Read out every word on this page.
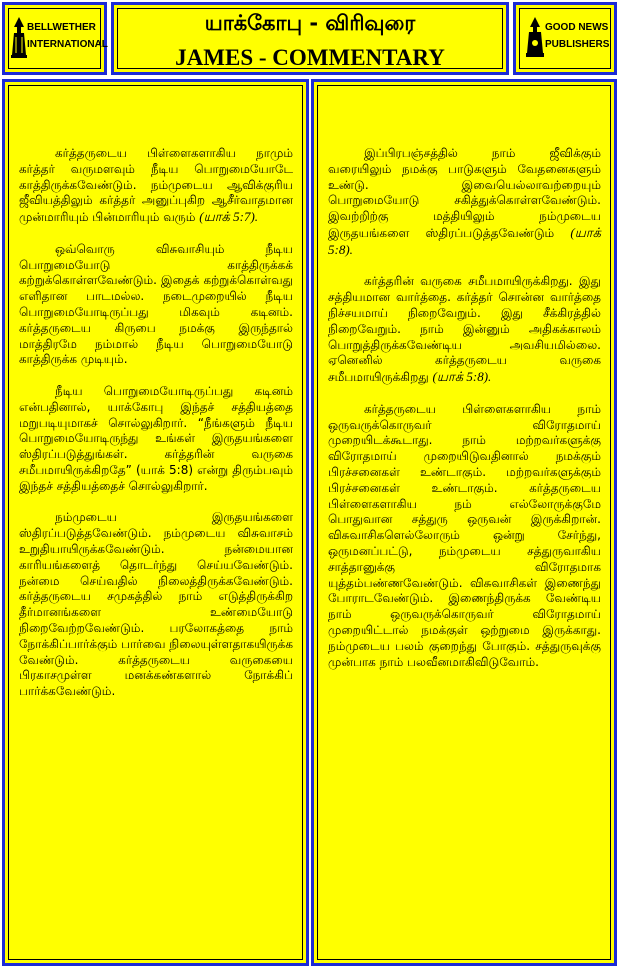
BELLWETHER INTERNATIONAL
யாக்கோபு - விரிவுரை
JAMES - COMMENTARY
GOOD NEWS PUBLISHERS

கர்த்தருடைய பிள்ளைகளாகிய நாமும் கர்த்தர் வருமளவும் நீடிய பொறுமையோடே காத்திருக்கவேண்டும். நம்முடைய ஆவிக்குரிய ஜீவியத்திலும் கர்த்தர் அனுப்புகிற ஆசீர்வாதமான முன்மாரியும் பின்மாரியும் வரும் (யாக் 5:7).

ஒவ்வொரு விசுவாசியும் நீடிய பொறுமையோடு காத்திருக்கக் கற்றுக்கொள்ளவேண்டும். இதைக் கற்றுக்கொள்வது எளிதான பாடமல்ல. நடைமுறையில் நீடிய பொறுமையோடிருப்பது மிகவும் கடினம். கர்த்தருடைய கிருபை நமக்கு இருந்தால் மாத்திரமே நம்மால் நீடிய பொறுமையோடு காத்திருக்க முடியும்.

நீடிய பொறுமையோடிருப்பது கடினம் என்பதினால், யாக்கோபு இந்தச் சத்தியத்தை மறுபடியுமாகச் சொல்லுகிறார். “நீங்களும் நீடிய பொறுமையோடிருந்து உங்கள் இருதயங்களை ஸ்திரப்படுத்துங்கள். கர்த்தரின் வருகை சமீபமாயிருக்கிறதே” (யாக் 5:8) என்று திரும்பவும் இந்தச் சத்தியத்தைச் சொல்லுகிறார்.

நம்முடைய இருதயங்களை ஸ்திரப்படுத்தவேண்டும். நம்முடைய விசுவாசம் உறுதியாயிருக்கவேண்டும். நன்மையான காரியங்களைத் தொடர்ந்து செய்யவேண்டும். நன்மை செய்வதில் நிலைத்திருக்கவேண்டும். கர்த்தருடைய சமுகத்தில் நாம் எடுத்திருக்கிற தீர்மானங்களை உண்மையோடு நிறைவேற்றவேண்டும். பரலோகத்தை நாம் நோக்கிப்பார்க்கும் பார்வை நிலையுள்ளதாகயிருக்க வேண்டும். கர்த்தருடைய வருகையை பிரகாசமுள்ள மனக்கண்களால் நோக்கிப் பார்க்கவேண்டும்.

இப்பிரபஞ்சத்தில் நாம் ஜீவிக்கும் வரையிலும் நமக்கு பாடுகளும் வேதனைகளும் உண்டு. இவையெல்லாவற்றையும் பொறுமையோடு சகித்துக்கொள்ளவேண்டும். இவற்றிற்கு மத்தியிலும் நம்முடைய இருதயங்களை ஸ்திரப்படுத்தவேண்டும் (யாக் 5:8).

கர்த்தரின் வருகை சமீபமாயிருக்கிறது. இது சத்தியமான வார்த்தை. கர்த்தர் சொன்ன வார்த்தை நிச்சயமாய் நிறைவேறும். இது சீக்கிரத்தில் நிறைவேறும். நாம் இன்னும் அதிகக்காலம் பொறுத்திருக்கவேண்டிய அவசியமில்லை. ஏனெனில் கர்த்தருடைய வருகை சமீபமாயிருக்கிறது (யாக் 5:8).

கர்த்தருடைய பிள்ளைகளாகிய நாம் ஒருவருக்கொருவர் விரோதமாய் முறையிடக்கூடாது. நாம் மற்றவர்களுக்கு விரோதமாய் முறையிடுவதினால் நமக்கும் பிரச்சனைகள் உண்டாகும். மற்றவர்களுக்கும் பிரச்சனைகள் உண்டாகும். கர்த்தருடைய பிள்ளைகளாகிய நம் எல்லோருக்குமே பொதுவான சத்துரு ஒருவன் இருக்கிறான். விசுவாசிகளெல்லோரும் ஒன்று சேர்ந்து, ஒருமனப்பட்டு, நம்முடைய சத்துருவாகிய சாத்தானுக்கு விரோதமாக யுத்தம்பண்ணவேண்டும். விசுவாசிகள் இணைந்து போராடவேண்டும். இணைந்திருக்க வேண்டிய நாம் ஒருவருக்கொருவர் விரோதமாய் முறையிட்டால் நமக்குள் ஒற்றுமை இருக்காது. நம்முடைய பலம் குறைந்து போகும். சத்துருவுக்கு முன்பாக நாம் பலவீனமாகிவிடுவோம்.
